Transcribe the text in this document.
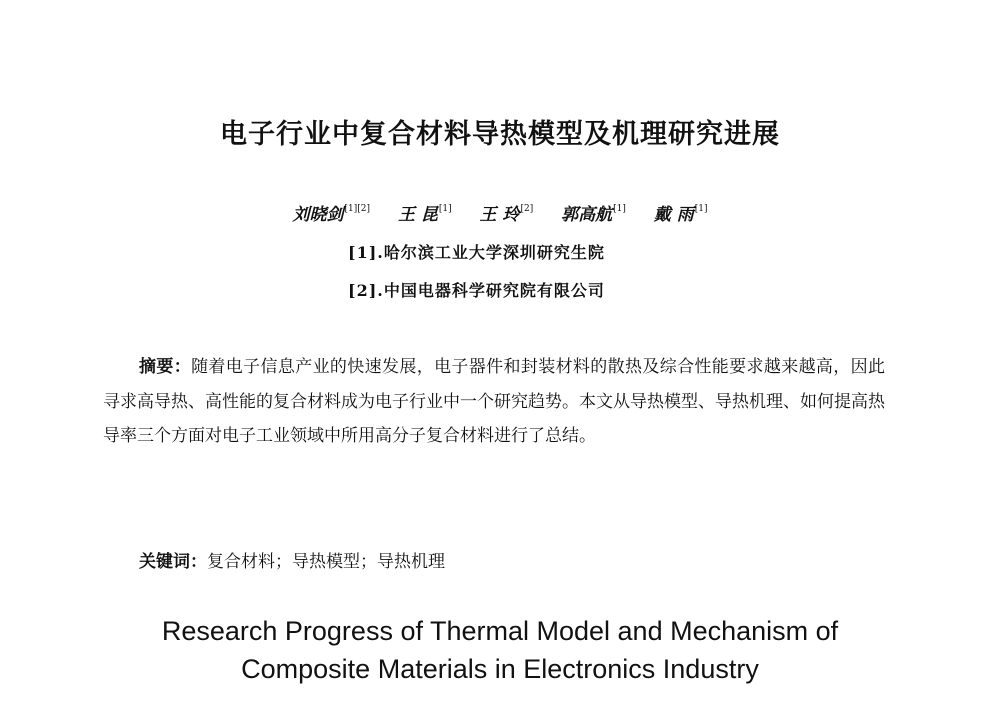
电子行业中复合材料导热模型及机理研究进展
刘晓剑[1][2] 王 昆[1] 王 玲[2] 郭高航[1] 戴 雨[1]
[1].哈尔滨工业大学深圳研究生院
[2].中国电器科学研究院有限公司

摘要：随着电子信息产业的快速发展，电子器件和封装材料的散热及综合性能要求越来越高，因此寻求高导热、高性能的复合材料成为电子行业中一个研究趋势。本文从导热模型、导热机理、如何提高热导率三个方面对电子工业领域中所用高分子复合材料进行了总结。

关键词：复合材料；导热模型；导热机理

Research Progress of Thermal Model and Mechanism of
Composite Materials in Electronics Industry
